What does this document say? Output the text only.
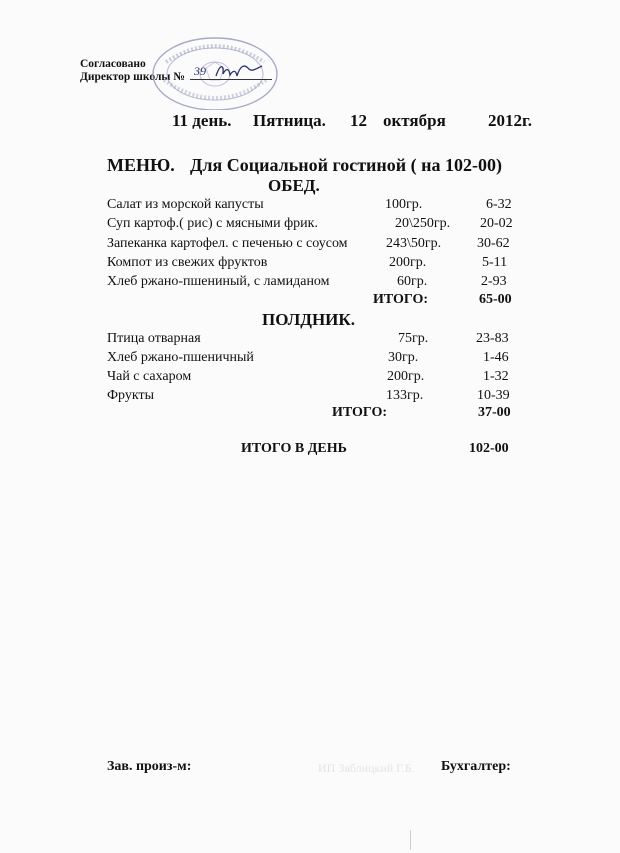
Согласовано
Директор школы № 39
11 день. Пятница. 12 октября 2012г.
МЕНЮ. Для Социальной гостиной ( на 102-00)
ОБЕД.
Салат из морской капусты	100гр.	6-32
Суп картоф.( рис) с мясными фрик.	20\250гр. 20-02
Запеканка картофел. с печенью с соусом	243\50гр.	30-62
Компот из свежих фруктов	200гр.	5-11
Хлеб ржано-пшениный, с ламиданом	60гр.	2-93
ИТОГО:	65-00
ПОЛДНИК.
Птица отварная	75гр.	23-83
Хлеб ржано-пшеничный	30гр.	1-46
Чай с сахаром	200гр.	1-32
Фрукты	133гр.	10-39
ИТОГО:	37-00
ИТОГО В ДЕНЬ	102-00
Зав. произ-м:	ИП Зяблицкий Г.Б. Бухгалтер:
